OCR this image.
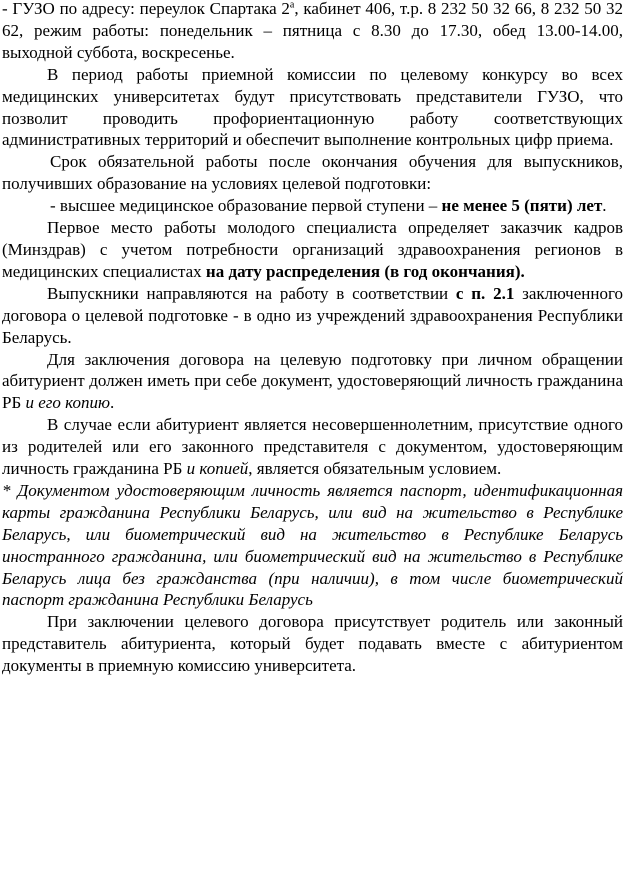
- ГУЗО по адресу: переулок Спартака $2^а$, кабинет 406, т.р. 8 232 50 32 66, 8 232 50 32 62, режим работы: понедельник – пятница с 8.30 до 17.30, обед 13.00-14.00, выходной суббота, воскресенье.

В период работы приемной комиссии по целевому конкурсу во всех медицинских университетах будут присутствовать представители ГУЗО, что позволит проводить профориентационную работу соответствующих административных территорий и обеспечит выполнение контрольных цифр приема.

Срок обязательной работы после окончания обучения для выпускников, получивших образование на условиях целевой подготовки:

- высшее медицинское образование первой ступени – не менее 5 (пяти) лет.

Первое место работы молодого специалиста определяет заказчик кадров (Минздрав) с учетом потребности организаций здравоохранения регионов в медицинских специалистах на дату распределения (в год окончания).

Выпускники направляются на работу в соответствии с п. 2.1 заключенного договора о целевой подготовке - в одно из учреждений здравоохранения Республики Беларусь.

Для заключения договора на целевую подготовку при личном обращении абитуриент должен иметь при себе документ, удостоверяющий личность гражданина РБ и его копию.

В случае если абитуриент является несовершеннолетним, присутствие одного из родителей или его законного представителя с документом, удостоверяющим личность гражданина РБ и копией, является обязательным условием.

* Документом удостоверяющим личность является паспорт, идентификационная карты гражданина Республики Беларусь, или вид на жительство в Республике Беларусь, или биометрический вид на жительство в Республике Беларусь иностранного гражданина, или биометрический вид на жительство в Республике Беларусь лица без гражданства (при наличии), в том числе биометрический паспорт гражданина Республики Беларусь

При заключении целевого договора присутствует родитель или законный представитель абитуриента, который будет подавать вместе с абитуриентом документы в приемную комиссию университета.
